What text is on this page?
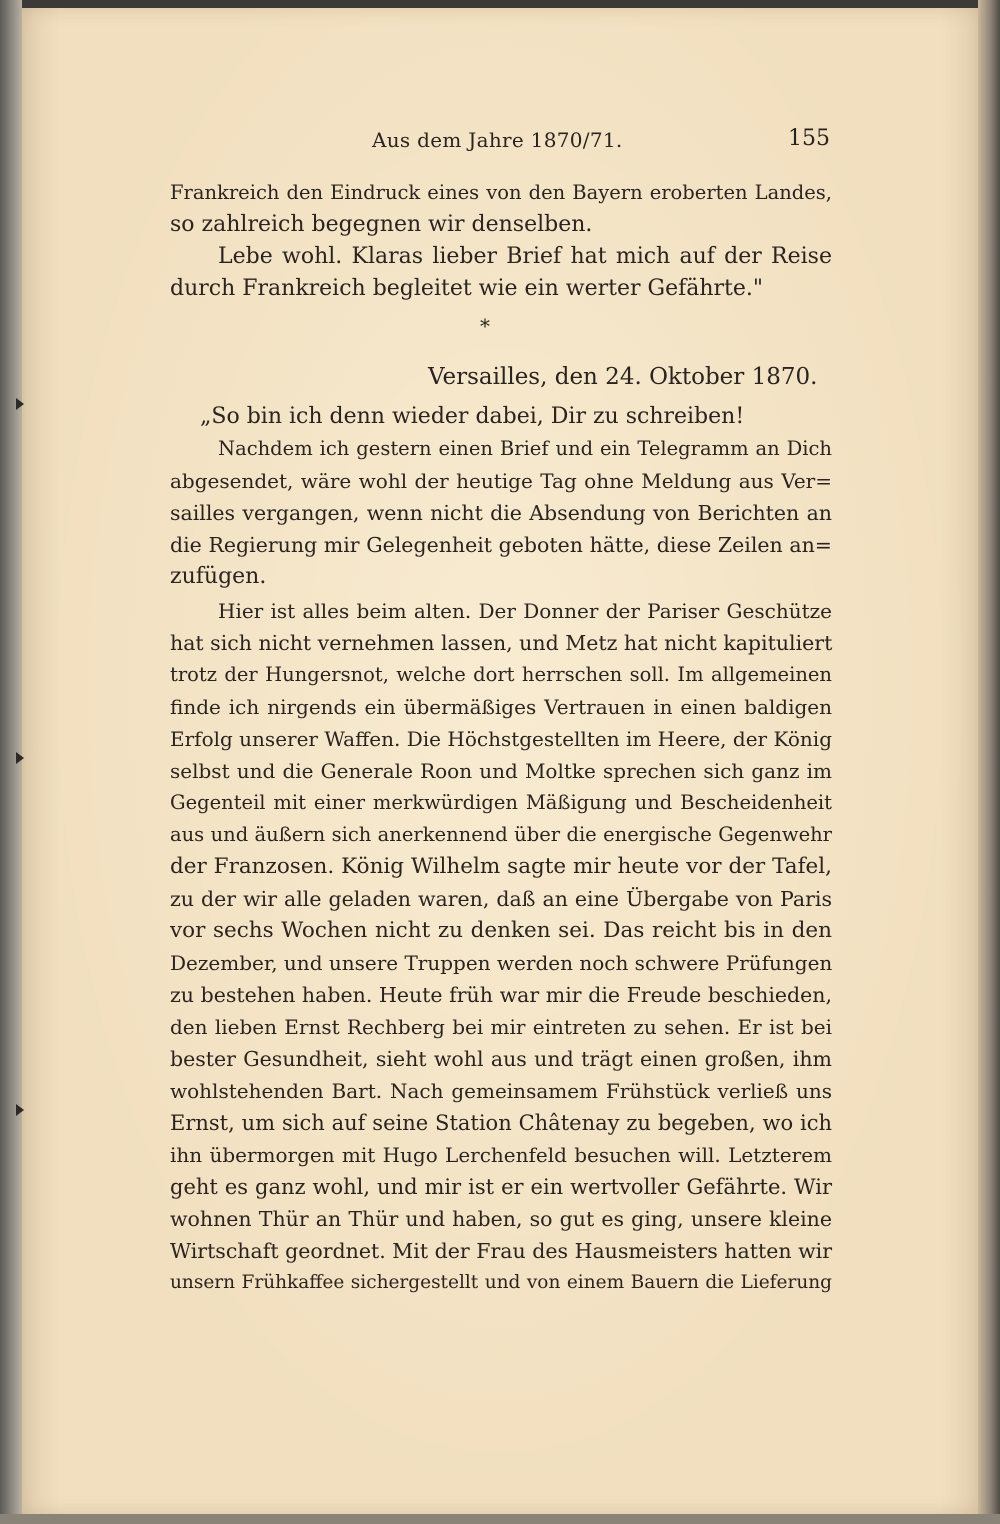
Aus dem Jahre 1870/71.	155
Frankreich den Eindruck eines von den Bayern eroberten Landes,
so zahlreich begegnen wir denselben.
Lebe wohl. Klaras lieber Brief hat mich auf der Reise
durch Frankreich begleitet wie ein werter Gefährte."
*
Versailles, den 24. Oktober 1870.
„So bin ich denn wieder dabei, Dir zu schreiben!
Nachdem ich gestern einen Brief und ein Telegramm an Dich
abgesendet, wäre wohl der heutige Tag ohne Meldung aus Ver=
sailles vergangen, wenn nicht die Absendung von Berichten an
die Regierung mir Gelegenheit geboten hätte, diese Zeilen an=
zufügen.
Hier ist alles beim alten. Der Donner der Pariser Geschütze
hat sich nicht vernehmen lassen, und Metz hat nicht kapituliert
trotz der Hungersnot, welche dort herrschen soll. Im allgemeinen
finde ich nirgends ein übermäßiges Vertrauen in einen baldigen
Erfolg unserer Waffen. Die Höchstgestellten im Heere, der König
selbst und die Generale Roon und Moltke sprechen sich ganz im
Gegenteil mit einer merkwürdigen Mäßigung und Bescheidenheit
aus und äußern sich anerkennend über die energische Gegenwehr
der Franzosen. König Wilhelm sagte mir heute vor der Tafel,
zu der wir alle geladen waren, daß an eine Übergabe von Paris
vor sechs Wochen nicht zu denken sei. Das reicht bis in den
Dezember, und unsere Truppen werden noch schwere Prüfungen
zu bestehen haben. Heute früh war mir die Freude beschieden,
den lieben Ernst Rechberg bei mir eintreten zu sehen. Er ist bei
bester Gesundheit, sieht wohl aus und trägt einen großen, ihm
wohlstehenden Bart. Nach gemeinsamem Frühstück verließ uns
Ernst, um sich auf seine Station Châtenay zu begeben, wo ich
ihn übermorgen mit Hugo Lerchenfeld besuchen will. Letzterem
geht es ganz wohl, und mir ist er ein wertvoller Gefährte. Wir
wohnen Thür an Thür und haben, so gut es ging, unsere kleine
Wirtschaft geordnet. Mit der Frau des Hausmeisters hatten wir
unsern Frühkaffee sichergestellt und von einem Bauern die Lieferung
